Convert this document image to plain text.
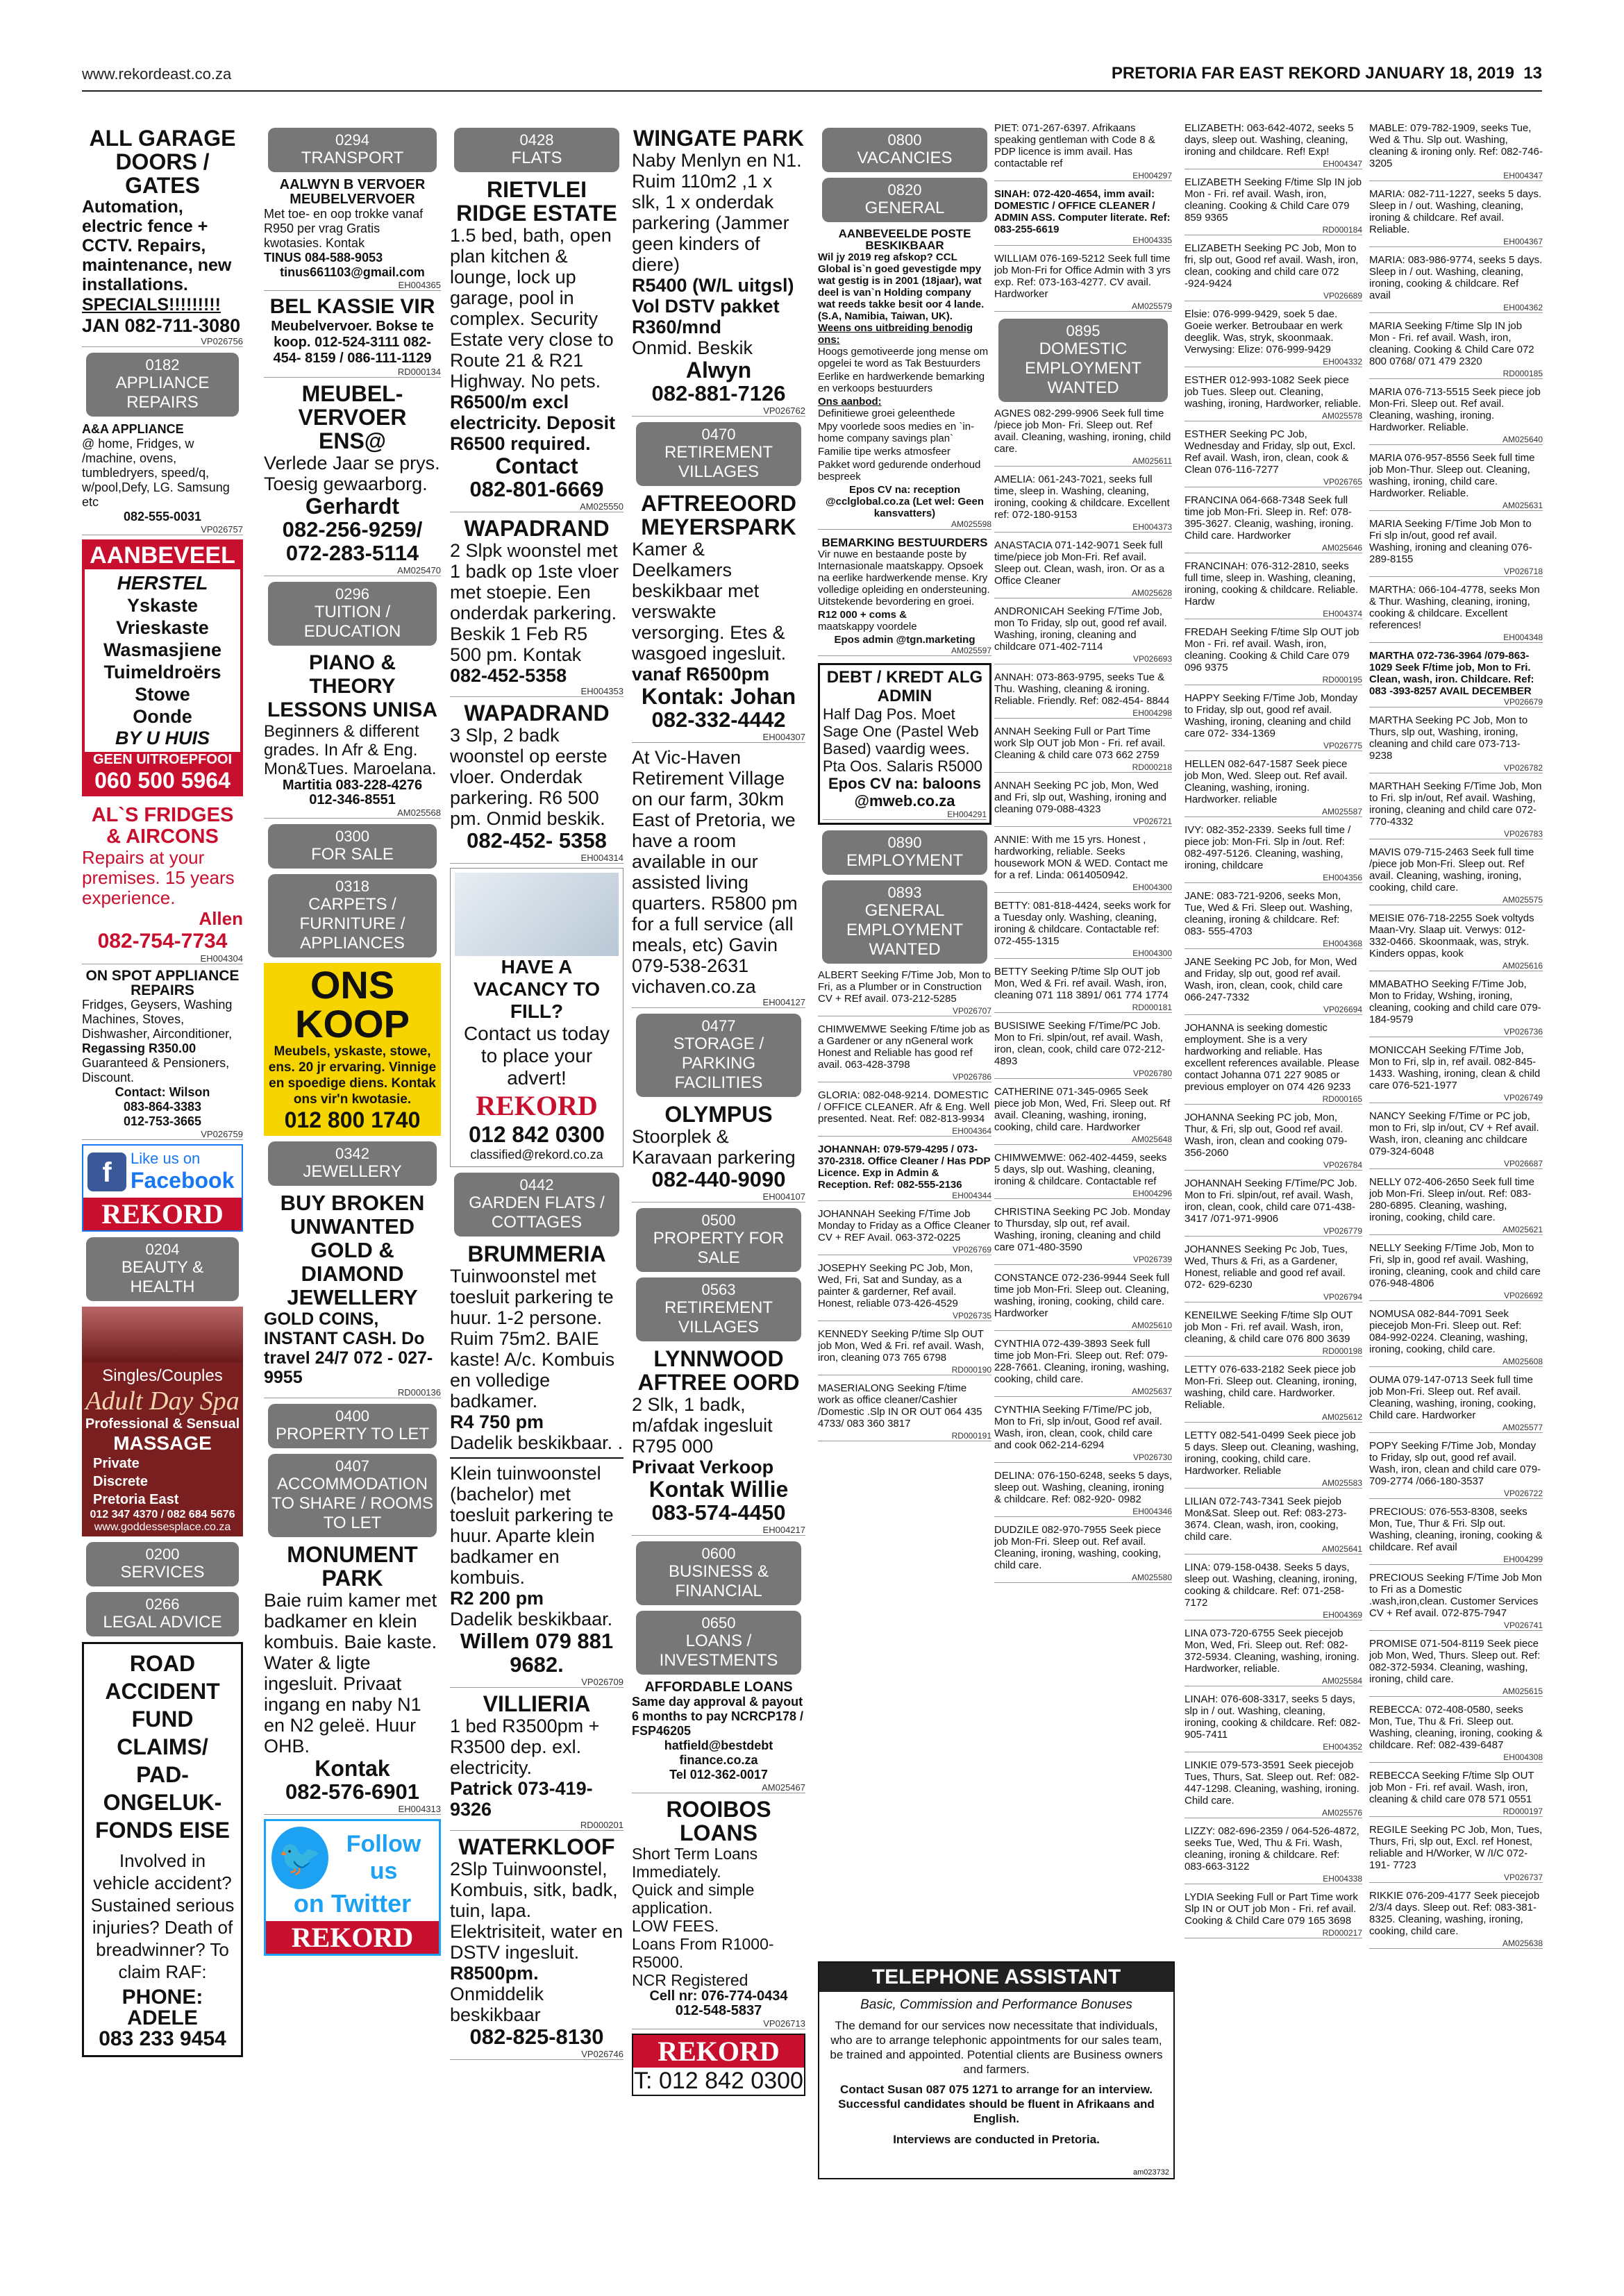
www.rekordeast.co.za	PRETORIA FAR EAST REKORD JANUARY 18, 2019 13
ALL GARAGE DOORS / GATES
Automation, electric fence + CCTV. Repairs, maintenance, new installations.
SPECIALS!!!!!!!!!
JAN 082-711-3080
VP026756
0182
APPLIANCE REPAIRS
A&A APPLIANCE
@ home, Fridges, w /machine, ovens, tumbledryers, speed/q, w/pool,Defy, LG. Samsung etc
082-555-0031
VP026757
AANBEVEEL
HERSTEL
Yskaste
Vrieskaste
Wasmasjiene
Tuimeldroërs
Stowe
Oonde
BY U HUIS
GEEN UITROEPFOOI
060 500 5964
AL`S FRIDGES & AIRCONS
Repairs at your premises. 15 years experience.
Allen
082-754-7734
EH004304
ON SPOT APPLIANCE REPAIRS
Fridges, Geysers, Washing Machines, Stoves, Dishwasher, Airconditioner,
Regassing R350.00
Guaranteed & Pensioners, Discount.
Contact: Wilson
083-864-3383
012-753-3665
VP026759
f	Like us on
Facebook
REKORD
0204
BEAUTY & HEALTH
Singles/Couples
Adult Day Spa
Professional & Sensual
MASSAGE
Private
Discrete
Pretoria East
012 347 4370 / 082 684 5676
www.goddessesplace.co.za
0200
SERVICES
0266
LEGAL ADVICE
ROAD ACCIDENT FUND CLAIMS/ PAD-ONGELUK-FONDS EISE
Involved in vehicle accident? Sustained serious injuries? Death of breadwinner? To claim RAF:
PHONE:
ADELE
083 233 9454
0294
TRANSPORT
AALWYN B VERVOER MEUBELVERVOER
Met toe- en oop trokke vanaf R950 per vrag Gratis kwotasies. Kontak
TINUS 084-588-9053
tinus661103@gmail.com
EH004365
BEL KASSIE VIR
Meubelvervoer. Bokse te koop. 012-524-3111 082-454- 8159 / 086-111-1129
RD000134
MEUBEL-VERVOER ENS@
Verlede Jaar se prys. Toesig gewaarborg.
Gerhardt
082-256-9259/ 072-283-5114
AM025470
0296
TUITION / EDUCATION
PIANO & THEORY LESSONS UNISA
Beginners & different grades. In Afr & Eng. Mon&Tues. Maroelana.
Martitia 083-228-4276
012-346-8551
AM025568
0300
FOR SALE
0318
CARPETS / FURNITURE / APPLIANCES
ONS KOOP
Meubels, yskaste, stowe, ens. 20 jr ervaring. Vinnige en spoedige diens. Kontak ons vir'n kwotasie.
012 800 1740
0342
JEWELLERY
BUY BROKEN UNWANTED GOLD & DIAMOND JEWELLERY
GOLD COINS, INSTANT CASH. Do travel 24/7 072 - 027- 9955
RD000136
0400
PROPERTY TO LET
0407
ACCOMMODATION TO SHARE / ROOMS TO LET
MONUMENT PARK
Baie ruim kamer met badkamer en klein kombuis. Baie kaste. Water & ligte ingesluit. Privaat ingang en naby N1 en N2 geleë. Huur OHB.
Kontak
082-576-6901
EH004313
🐦	Follow us
on Twitter
REKORD
0428
FLATS
RIETVLEI RIDGE ESTATE
1.5 bed, bath, open plan kitchen & lounge, lock up garage, pool in complex. Security Estate very close to Route 21 & R21 Highway. No pets.
R6500/m excl electricity. Deposit R6500 required.
Contact
082-801-6669
AM025550
WAPADRAND
2 Slpk woonstel met 1 badk op 1ste vloer met stoepie. Een onderdak parkering. Beskik 1 Feb R5 500 pm. Kontak
082-452-5358
EH004353
WAPADRAND
3 Slp, 2 badk woonstel op eerste vloer. Onderdak parkering. R6 500 pm. Onmid beskik.
082-452- 5358
EH004314
HAVE A VACANCY TO FILL?
Contact us today to place your advert!
REKORD
012 842 0300
classified@rekord.co.za
0442
GARDEN FLATS / COTTAGES
BRUMMERIA
Tuinwoonstel met toesluit parkering te huur. 1-2 persone. Ruim 75m2. BAIE kaste! A/c. Kombuis en volledige badkamer.
R4 750 pm
Dadelik beskikbaar. .
Klein tuinwoonstel (bachelor) met toesluit parkering te huur. Aparte klein badkamer en kombuis.
R2 200 pm
Dadelik beskikbaar.
Willem 079 881 9682.
VP026709
VILLIERIA
1 bed R3500pm + R3500 dep. exl. electricity.
Patrick 073-419-9326
RD000201
WATERKLOOF
2Slp Tuinwoonstel, Kombuis, sitk, badk, tuin, lapa. Elektrisiteit, water en DSTV ingesluit.
R8500pm.
Onmiddelik beskikbaar
082-825-8130
VP026746
WINGATE PARK
Naby Menlyn en N1. Ruim 110m2 ,1 x slk, 1 x onderdak parkering (Jammer geen kinders of diere)
R5400 (W/L uitgsl) Vol DSTV pakket R360/mnd
Onmid. Beskik
Alwyn
082-881-7126
VP026762
0470
RETIREMENT VILLAGES
AFTREEOORD MEYERSPARK
Kamer & Deelkamers beskikbaar met verswakte versorging. Etes & wasgoed ingesluit.
vanaf R6500pm
Kontak: Johan
082-332-4442
EH004307
At Vic-Haven Retirement Village on our farm, 30km East of Pretoria, we have a room available in our assisted living quarters. R5800 pm for a full service (all meals, etc) Gavin 079-538-2631 vichaven.co.za
EH004127
0477
STORAGE / PARKING FACILITIES
OLYMPUS
Stoorplek & Karavaan parkering
082-440-9090
EH004107
0500
PROPERTY FOR SALE
0563
RETIREMENT VILLAGES
LYNNWOOD AFTREE OORD
2 Slk, 1 badk, m/afdak ingesluit R795 000
Privaat Verkoop
Kontak Willie
083-574-4450
EH004217
0600
BUSINESS & FINANCIAL
0650
LOANS / INVESTMENTS
AFFORDABLE LOANS
Same day approval & payout 6 months to pay NCRCP178 / FSP46205
hatfield@bestdebt finance.co.za
Tel 012-362-0017
AM025467
ROOIBOS LOANS
Short Term Loans Immediately.
Quick and simple application.
LOW FEES.
Loans From R1000-R5000.
NCR Registered
Cell nr: 076-774-0434
012-548-5837
VP026713
REKORD
T: 012 842 0300
0800
VACANCIES
0820
GENERAL
AANBEVEELDE POSTE BESKIKBAAR
Wil jy 2019 reg afskop? CCL Global is`n goed gevestigde mpy wat gestig is in 2001 (18jaar), wat deel is van`n Holding company wat reeds takke besit oor 4 lande. (S.A, Namibia, Taiwan, UK).
Weens ons uitbreiding benodig ons:
Hoogs gemotiveerde jong mense om opgelei te word as Tak Bestuurders
Eerlike en hardwerkende bemarking en verkoops bestuurders
Ons aanbod:
Definitiewe groei geleenthede
Mpy voorlede soos medies en `in-home company savings plan`
Familie tipe werks atmosfeer
Pakket word gedurende onderhoud bespreek
Epos CV na: reception @cclglobal.co.za (Let wel: Geen kansvatters)
AM025598
BEMARKING BESTUURDERS
Vir nuwe en bestaande poste by Internasionale maatskappy. Opsoek na eerlike hardwerkende mense. Kry volledige opleiding en ondersteuning. Uitstekende bevordering en groei.
R12 000 + coms &
maatskappy voordele
Epos admin @tgn.marketing
AM025597
DEBT / KREDT ALG ADMIN
Half Dag Pos. Moet Sage One (Pastel Web Based) vaardig wees. Pta Oos. Salaris R5000
Epos CV na: baloons @mweb.co.za
EH004291
0890
EMPLOYMENT
0893
GENERAL EMPLOYMENT WANTED
ALBERT Seeking F/Time Job, Mon to Fri, as a Plumber or in Construction CV + REf avail. 073-212-5285
VP026707
CHIMWEMWE Seeking F/time job as a Gardener or any nGeneral work Honest and Reliable has good ref avail. 063-428-3798
VP026786
GLORIA: 082-048-9214. DOMESTIC / OFFICE CLEANER. Afr & Eng. Well presented. Neat. Ref: 082-813-9934
EH004364
JOHANNAH: 079-579-4295 / 073-370-2318. Office Cleaner / Has PDP Licence. Exp in Admin & Reception. Ref: 082-555-2136
EH004344
JOHANNAH Seeking F/Time Job Monday to Friday as a Office Cleaner CV + REF Avail. 063-372-0225
VP026769
JOSEPHY Seeking PC Job, Mon, Wed, Fri, Sat and Sunday, as a painter & garderner, Ref avail. Honest, reliable 073-426-4529
VP026735
KENNEDY Seeking P/time Slp OUT job Mon, Wed & Fri. ref avail. Wash, iron, cleaning 073 765 6798
RD000190
MASERIALONG Seeking F/time work as office cleaner/Cashier /Domestic .Slp IN OR OUT 064 435 4733/ 083 360 3817
RD000191
TELEPHONE ASSISTANT
Basic, Commission and Performance Bonuses
The demand for our services now necessitate that individuals, who are to arrange telephonic appointments for our sales team, be trained and appointed. Potential clients are Business owners and farmers.
Contact Susan 087 075 1271 to arrange for an interview. Successful candidates should be fluent in Afrikaans and English.
Interviews are conducted in Pretoria.
am023732
PIET: 071-267-6397. Afrikaans speaking gentleman with Code 8 & PDP licence is imm avail. Has contactable ref
EH004297
SINAH: 072-420-4654, imm avail: DOMESTIC / OFFICE CLEANER / ADMIN ASS. Computer literate. Ref: 083-255-6619
EH004335
WILLIAM 076-169-5212 Seek full time job Mon-Fri for Office Admin with 3 yrs exp. Ref: 073-163-4277. CV avail. Hardworker
AM025579
0895
DOMESTIC EMPLOYMENT WANTED
AGNES 082-299-9906 Seek full time /piece job Mon- Fri. Sleep out. Ref avail. Cleaning, washing, ironing, child care.
AM025611
AMELIA: 061-243-7021, seeks full time, sleep in. Washing, cleaning, ironing, cooking & childcare. Excellent ref: 072-180-9153
EH004373
ANASTACIA 071-142-9071 Seek full time/piece job Mon-Fri. Ref avail. Sleep out. Clean, wash, iron. Or as a Office Cleaner
AM025628
ANDRONICAH Seeking F/Time Job, mon To Friday, slp out, good ref avail. Washing, ironing, cleaning and childcare 071-402-7114
VP026693
ANNAH: 073-863-9795, seeks Tue & Thu. Washing, cleaning & ironing. Reliable. Friendly. Ref: 082-454- 8844
EH004298
ANNAH Seeking Full or Part Time work Slp OUT job Mon - Fri. ref avail. Cleaning & child care 073 662 2759
RD000218
ANNAH Seeking PC job, Mon, Wed and Fri, slp out, Washing, ironing and cleaning 079-088-4323
VP026721
ANNIE: With me 15 yrs. Honest , hardworking, reliable. Seeks housework MON & WED. Contact me for a ref. Linda: 0614050942.
EH004300
BETTY: 081-818-4424, seeks work for a Tuesday only. Washing, cleaning, ironing & childcare. Contactable ref: 072-455-1315
EH004300
BETTY Seeking P/time Slp OUT job Mon, Wed & Fri. ref avail. Wash, iron, cleaning 071 118 3891/ 061 774 1774
RD000181
BUSISIWE Seeking F/Time/PC Job. Mon to Fri. slpin/out, ref avail. Wash, iron, clean, cook, child care 072-212-4893
VP026780
CATHERINE 071-345-0965 Seek piece job Mon, Wed, Fri. Sleep out. Rf avail. Cleaning, washing, ironing, cooking, child care. Hardworker
AM025648
CHIMWEMWE: 062-402-4459, seeks 5 days, slp out. Washing, cleaning, ironing & childcare. Contactable ref
EH004296
CHRISTINA Seeking PC Job. Monday to Thursday, slp out, ref avail. Washing, ironing, cleaning and child care 071-480-3590
VP026739
CONSTANCE 072-236-9944 Seek full time job Mon-Fri. Sleep out. Cleaning, washing, ironing, cooking, child care. Hardworker
AM025610
CYNTHIA 072-439-3893 Seek full time job Mon-Fri. Sleep out. Ref: 079-228-7661. Cleaning, ironing, washing, cooking, child care.
AM025637
CYNTHIA Seeking F/Time/PC job, Mon to Fri, slp in/out, Good ref avail. Wash, iron, clean, cook, child care and cook 062-214-6294
VP026730
DELINA: 076-150-6248, seeks 5 days, sleep out. Washing, cleaning, ironing & childcare. Ref: 082-920- 0982
EH004346
DUDZILE 082-970-7955 Seek piece job Mon-Fri. Sleep out. Ref avail. Cleaning, ironing, washing, cooking, child care.
AM025580
ELIZABETH: 063-642-4072, seeks 5 days, sleep out. Washing, cleaning, ironing and childcare. Ref! Exp!
EH004347
ELIZABETH Seeking F/time Slp IN job Mon - Fri. ref avail. Wash, iron, cleaning. Cooking & Child Care 079 859 9365
RD000184
ELIZABETH Seeking PC Job, Mon to fri, slp out, Good ref avail. Wash, iron, clean, cooking and child care 072 -924-9424
VP026689
Elsie: 076-999-9429, soek 5 dae. Goeie werker. Betroubaar en werk deeglik. Was, stryk, skoonmaak. Verwysing: Elize: 076-999-9429
EH004332
ESTHER 012-993-1082 Seek piece job Tues. Sleep out. Cleaning, washing, ironing, Hardworker, reliable.
AM025578
ESTHER Seeking PC Job, Wednesday and Friday, slp out, Excl. Ref avail. Wash, iron, clean, cook & Clean 076-116-7277
VP026765
FRANCINA 064-668-7348 Seek full time job Mon-Fri. Sleep in. Ref: 078-395-3627. Cleanig, washing, ironing. Child care. Hardworker
AM025646
FRANCINAH: 076-312-2810, seeks full time, sleep in. Washing, cleaning, ironing, cooking & childcare. Reliable. Hardw
EH004374
FREDAH Seeking F/time Slp OUT job Mon - Fri. ref avail. Wash, iron, cleaning. Cooking & Child Care 079 096 9375
RD000195
HAPPY Seeking F/Time Job, Monday to Friday, slp out, good ref avail. Washing, ironing, cleaning and child care 072- 334-1369
VP026775
HELLEN 082-647-1587 Seek piece job Mon, Wed. Sleep out. Ref avail. Cleaning, washing, ironing. Hardworker. reliable
AM025587
IVY: 082-352-2339. Seeks full time / piece job: Mon-Fri. Slp in /out. Ref: 082-497-5126. Cleaning, washing, ironing, childcare
EH004356
JANE: 083-721-9206, seeks Mon, Tue, Wed & Fri. Sleep out. Washing, cleaning, ironing & childcare. Ref: 083- 555-4703
EH004368
JANE Seeking PC Job, for Mon, Wed and Friday, slp out, good ref avail. Wash, iron, clean, cook, child care 066-247-7332
VP026694
JOHANNA is seeking domestic employment. She is a very hardworking and reliable. Has excellent references available. Please contact Johanna 071 227 9085 or previous employer on 074 426 9233
RD000165
JOHANNA Seeking PC job, Mon, Thur, & Fri, slp out, Good ref avail. Wash, iron, clean and cooking 079- 356-2060
VP026784
JOHANNAH Seeking F/Time/PC Job. Mon to Fri. slpin/out, ref avail. Wash, iron, clean, cook, child care 071-438-3417 /071-971-9906
VP026779
JOHANNES Seeking Pc Job, Tues, Wed, Thurs & Fri, as a Gardener, Honest, reliable and good ref avail. 072- 629-6230
VP026794
KENEILWE Seeking F/time Slp OUT job Mon - Fri. ref avail. Wash, iron, cleaning, & child care 076 800 3639
RD000198
LETTY 076-633-2182 Seek piece job Mon-Fri. Sleep out. Cleaning, ironing, washing, child care. Hardworker. Reliable.
AM025612
LETTY 082-541-0499 Seek piece job 5 days. Sleep out. Cleaning, washing, ironing, cooking, child care. Hardworker. Reliable
AM025583
LILIAN 072-743-7341 Seek piejob Mon&Sat. Sleep out. Ref: 083-273-3674. Clean, wash, iron, cooking, child care.
AM025641
LINA: 079-158-0438. Seeks 5 days, sleep out. Washing, cleaning, ironing, cooking & childcare. Ref: 071-258- 7172
EH004369
LINA 073-720-6755 Seek piecejob Mon, Wed, Fri. Sleep out. Ref: 082-372-5934. Cleaning, washing, ironing. Hardworker, reliable.
AM025584
LINAH: 076-608-3317, seeks 5 days, slp in / out. Washing, cleaning, ironing, cooking & childcare. Ref: 082-905-7411
EH004352
LINKIE 079-573-3591 Seek piecejob Tues, Thurs, Sat. Sleep out. Ref: 082-447-1298. Cleaning, washing, ironing. Child care.
AM025576
LIZZY: 082-696-2359 / 064-526-4872, seeks Tue, Wed, Thu & Fri. Wash, cleaning, ironing & childcare. Ref: 083-663-3122
EH004338
LYDIA Seeking Full or Part Time work Slp IN or OUT job Mon - Fri. ref avail. Cooking & Child Care 079 165 3698
RD000217
MABLE: 079-782-1909, seeks Tue, Wed & Thu. Slp out. Washing, cleaning & ironing only. Ref: 082-746-3205
EH004347
MARIA: 082-711-1227, seeks 5 days. Sleep in / out. Washing, cleaning, ironing & childcare. Ref avail. Reliable.
EH004367
MARIA: 083-986-9774, seeks 5 days. Sleep in / out. Washing, cleaning, ironing, cooking & childcare. Ref avail
EH004362
MARIA Seeking F/time Slp IN job Mon - Fri. ref avail. Wash, iron, cleaning. Cooking & Child Care 072 800 0768/ 071 479 2320
RD000185
MARIA 076-713-5515 Seek piece job Mon-Fri. Sleep out. Ref avail. Cleaning, washing, ironing. Hardworker. Reliable.
AM025640
MARIA 076-957-8556 Seek full time job Mon-Thur. Sleep out. Cleaning, washing, ironing, child care. Hardworker. Reliable.
AM025631
MARIA Seeking F/Time Job Mon to Fri slp in/out, good ref avail. Washing, ironing and cleaning 076-289-8155
VP026718
MARTHA: 066-104-4778, seeks Mon & Thur. Washing, cleaning, ironing, cooking & childcare. Excellent references!
EH004348
MARTHA 072-736-3964 /079-863-1029 Seek F/time job, Mon to Fri. Clean, wash, iron. Childcare. Ref: 083 -393-8257 AVAIL DECEMBER
VP026679
MARTHA Seeking PC Job, Mon to Thurs, slp out, Washing, ironing, cleaning and child care 073-713- 9238
VP026782
MARTHAH Seeking F/Time Job, Mon to Fri. slp in/out, Ref avail. Washing, ironing, cleaning and child care 072-770-4332
VP026783
MAVIS 079-715-2463 Seek full time /piece job Mon-Fri. Sleep out. Ref avail. Cleaning, washing, ironing, cooking, child care.
AM025575
MEISIE 076-718-2255 Soek voltyds Maan-Vry. Slaap uit. Verwys: 012-332-0466. Skoonmaak, was, stryk. Kinders oppas, kook
AM025616
MMABATHO Seeking F/Time Job, Mon to Friday, Wshing, ironing, cleaning, cooking and child care 079- 184-9579
VP026736
MONICCAH Seeking F/Time Job, Mon to Fri, slp in, ref avail. 082-845-1433. Washing, ironing, clean & child care 076-521-1977
VP026749
NANCY Seeking F/Time or PC job, mon to Fri, slp in/out, CV + Ref avail. Wash, iron, cleaning anc childcare 079-324-6048
VP026687
NELLY 072-406-2650 Seek full time job Mon-Fri. Sleep in/out. Ref: 083-280-6895. Cleaning, washing, ironing, cooking, child care.
AM025621
NELLY Seeking F/Time Job, Mon to Fri, slp in, good ref avail. Washing, ironing, cleaning, cook and child care 076-948-4806
VP026692
NOMUSA 082-844-7091 Seek piecejob Mon-Fri. Sleep out. Ref: 084-992-0224. Cleaning, washing, ironing, cooking, child care.
AM025608
OUMA 079-147-0713 Seek full time job Mon-Fri. Sleep out. Ref avail. Cleaning, washing, ironing, cooking, Child care. Hardworker
AM025577
POPY Seeking F/Time Job, Monday to Friday, slp out, good ref avail. Wash, iron, clean and child care 079- 709-2774 /066-180-3537
VP026722
PRECIOUS: 076-553-8308, seeks Mon, Tue, Thur & Fri. Slp out. Washing, cleaning, ironing, cooking & childcare. Ref avail
EH004299
PRECIOUS Seeking F/Time Job Mon to Fri as a Domestic .wash,iron,clean. Customer Services CV + Ref avail. 072-875-7947
VP026741
PROMISE 071-504-8119 Seek piece job Mon, Wed, Thurs. Sleep out. Ref: 082-372-5934. Cleaning, washing, ironing, child care.
AM025615
REBECCA: 072-408-0580, seeks Mon, Tue, Thu & Fri. Sleep out. Washing, cleaning, ironing, cooking & childcare. Ref: 082-439-6487
EH004308
REBECCA Seeking F/time Slp OUT job Mon - Fri. ref avail. Wash, iron, cleaning & child care 078 571 0551
RD000197
REGILE Seeking PC Job, Mon, Tues, Thurs, Fri, slp out, Excl. ref Honest, reliable and H/Worker, W /I/C 072-191- 7723
VP026737
RIKKIE 076-209-4177 Seek piecejob 2/3/4 days. Sleep out. Ref: 083-381-8325. Cleaning, washing, ironing, cooking, child care.
AM025638
